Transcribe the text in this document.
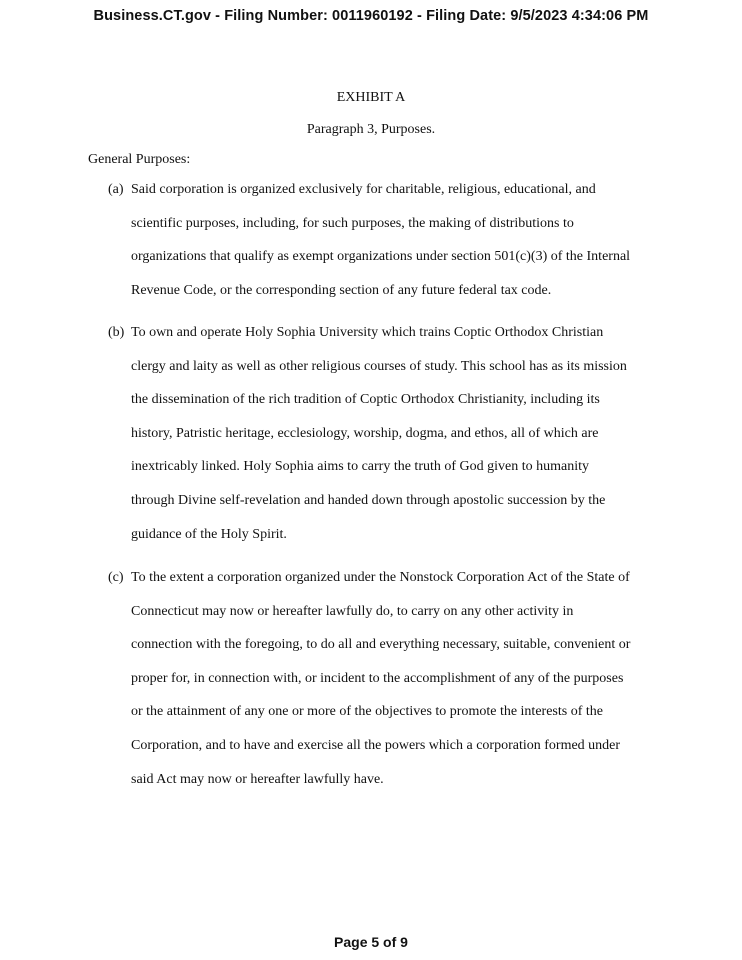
Business.CT.gov - Filing Number: 0011960192 - Filing Date: 9/5/2023 4:34:06 PM
EXHIBIT A
Paragraph 3, Purposes.
General Purposes:
(a) Said corporation is organized exclusively for charitable, religious, educational, and
scientific purposes, including, for such purposes, the making of distributions to
organizations that qualify as exempt organizations under section 501(c)(3) of the Internal
Revenue Code, or the corresponding section of any future federal tax code.
(b) To own and operate Holy Sophia University which trains Coptic Orthodox Christian
clergy and laity as well as other religious courses of study. This school has as its mission
the dissemination of the rich tradition of Coptic Orthodox Christianity, including its
history, Patristic heritage, ecclesiology, worship, dogma, and ethos, all of which are
inextricably linked. Holy Sophia aims to carry the truth of God given to humanity
through Divine self-revelation and handed down through apostolic succession by the
guidance of the Holy Spirit.
(c) To the extent a corporation organized under the Nonstock Corporation Act of the State of
Connecticut may now or hereafter lawfully do, to carry on any other activity in
connection with the foregoing, to do all and everything necessary, suitable, convenient or
proper for, in connection with, or incident to the accomplishment of any of the purposes
or the attainment of any one or more of the objectives to promote the interests of the
Corporation, and to have and exercise all the powers which a corporation formed under
said Act may now or hereafter lawfully have.
Page 5 of 9
